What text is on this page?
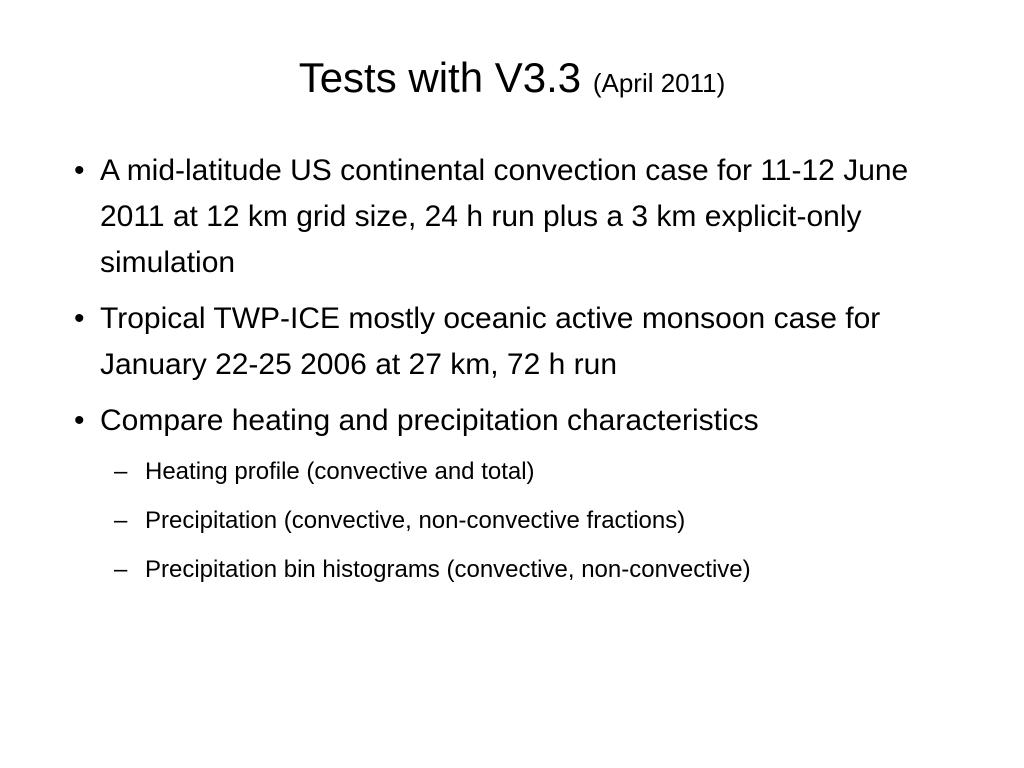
Tests with V3.3 (April 2011)
• A mid-latitude US continental convection case for 11-12 June 2011 at 12 km grid size, 24 h run plus a 3 km explicit-only simulation
• Tropical TWP-ICE mostly oceanic active monsoon case for January 22-25 2006 at 27 km, 72 h run
• Compare heating and precipitation characteristics
– Heating profile (convective and total)
– Precipitation (convective, non-convective fractions)
– Precipitation bin histograms (convective, non-convective)
